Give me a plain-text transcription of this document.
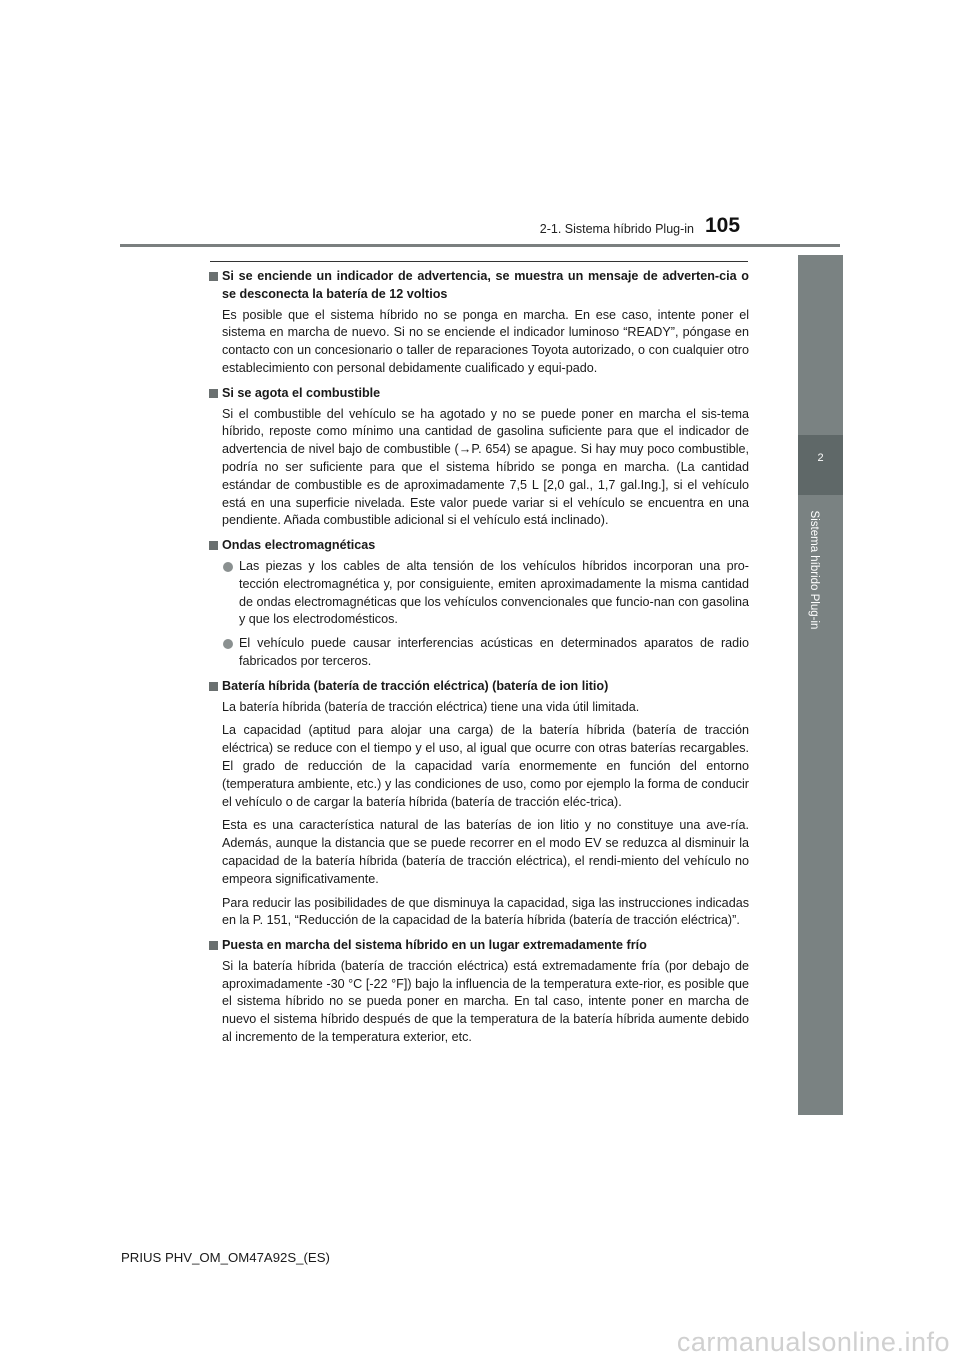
2-1. Sistema híbrido Plug-in 105
2
Sistema híbrido Plug-in
Si se enciende un indicador de advertencia, se muestra un mensaje de adverten-cia o se desconecta la batería de 12 voltios

Es posible que el sistema híbrido no se ponga en marcha. En ese caso, intente poner el sistema en marcha de nuevo. Si no se enciende el indicador luminoso “READY”, póngase en contacto con un concesionario o taller de reparaciones Toyota autorizado, o con cualquier otro establecimiento con personal debidamente cualificado y equi-pado.

Si se agota el combustible

Si el combustible del vehículo se ha agotado y no se puede poner en marcha el sis-tema híbrido, reposte como mínimo una cantidad de gasolina suficiente para que el indicador de advertencia de nivel bajo de combustible (→P. 654) se apague. Si hay muy poco combustible, podría no ser suficiente para que el sistema híbrido se ponga en marcha. (La cantidad estándar de combustible es de aproximadamente 7,5 L [2,0 gal., 1,7 gal.Ing.], si el vehículo está en una superficie nivelada. Este valor puede variar si el vehículo se encuentra en una pendiente. Añada combustible adicional si el vehículo está inclinado).

Ondas electromagnéticas
Las piezas y los cables de alta tensión de los vehículos híbridos incorporan una pro-tección electromagnética y, por consiguiente, emiten aproximadamente la misma cantidad de ondas electromagnéticas que los vehículos convencionales que funcio-nan con gasolina y que los electrodomésticos.
El vehículo puede causar interferencias acústicas en determinados aparatos de radio fabricados por terceros.
Batería híbrida (batería de tracción eléctrica) (batería de ion litio)

La batería híbrida (batería de tracción eléctrica) tiene una vida útil limitada.

La capacidad (aptitud para alojar una carga) de la batería híbrida (batería de tracción eléctrica) se reduce con el tiempo y el uso, al igual que ocurre con otras baterías recargables. El grado de reducción de la capacidad varía enormemente en función del entorno (temperatura ambiente, etc.) y las condiciones de uso, como por ejemplo la forma de conducir el vehículo o de cargar la batería híbrida (batería de tracción eléc-trica).

Esta es una característica natural de las baterías de ion litio y no constituye una ave-ría. Además, aunque la distancia que se puede recorrer en el modo EV se reduzca al disminuir la capacidad de la batería híbrida (batería de tracción eléctrica), el rendi-miento del vehículo no empeora significativamente.

Para reducir las posibilidades de que disminuya la capacidad, siga las instrucciones indicadas en la P. 151, “Reducción de la capacidad de la batería híbrida (batería de tracción eléctrica)”.

Puesta en marcha del sistema híbrido en un lugar extremadamente frío

Si la batería híbrida (batería de tracción eléctrica) está extremadamente fría (por debajo de aproximadamente -30 °C [-22 °F]) bajo la influencia de la temperatura exte-rior, es posible que el sistema híbrido no se pueda poner en marcha. En tal caso, intente poner en marcha de nuevo el sistema híbrido después de que la temperatura de la batería híbrida aumente debido al incremento de la temperatura exterior, etc.

PRIUS PHV_OM_OM47A92S_(ES)
carmanualsonline.info
